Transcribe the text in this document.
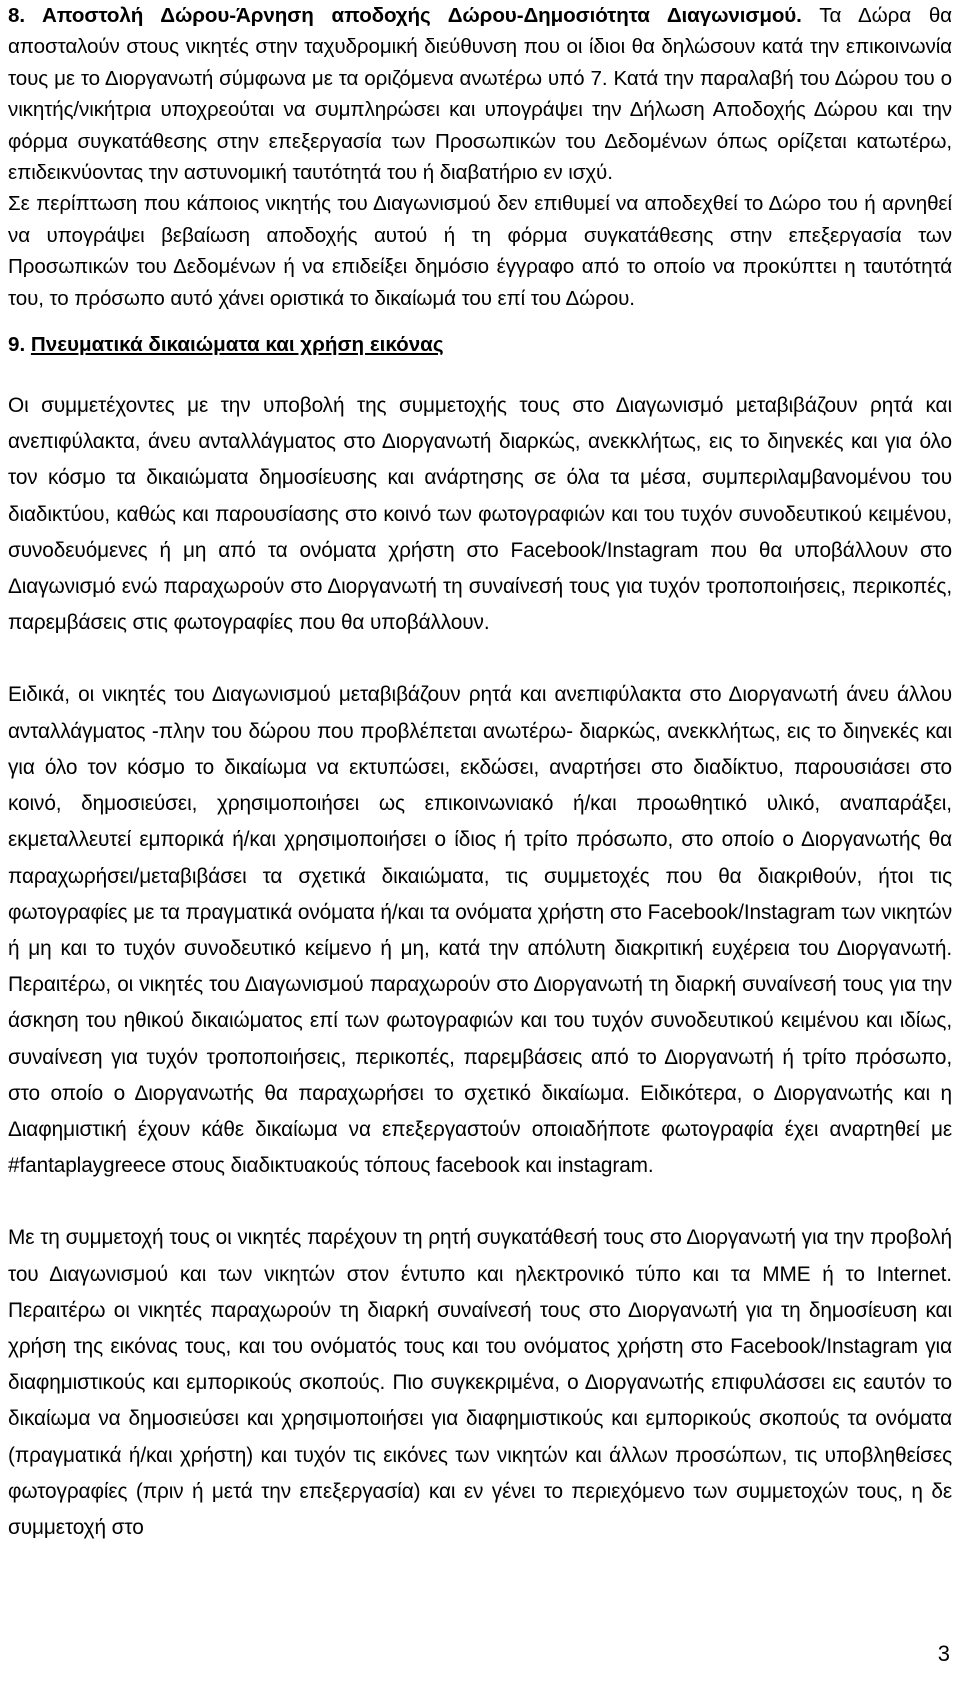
8. Αποστολή Δώρου-Άρνηση αποδοχής Δώρου-Δημοσιότητα Διαγωνισμού. Τα Δώρα θα αποσταλούν στους νικητές στην ταχυδρομική διεύθυνση που οι ίδιοι θα δηλώσουν κατά την επικοινωνία τους με το Διοργανωτή σύμφωνα με τα οριζόμενα ανωτέρω υπό 7. Κατά την παραλαβή του Δώρου του ο νικητής/νικήτρια υποχρεούται να συμπληρώσει και υπογράψει την Δήλωση Αποδοχής Δώρου και την φόρμα συγκατάθεσης στην επεξεργασία των Προσωπικών του Δεδομένων όπως ορίζεται κατωτέρω, επιδεικνύοντας την αστυνομική ταυτότητά του ή διαβατήριο εν ισχύ.

Σε περίπτωση που κάποιος νικητής του Διαγωνισμού δεν επιθυμεί να αποδεχθεί το Δώρο του ή αρνηθεί να υπογράψει βεβαίωση αποδοχής αυτού ή τη φόρμα συγκατάθεσης στην επεξεργασία των Προσωπικών του Δεδομένων ή να επιδείξει δημόσιο έγγραφο από το οποίο να προκύπτει η ταυτότητά του, το πρόσωπο αυτό χάνει οριστικά το δικαίωμά του επί του Δώρου.

9. Πνευματικά δικαιώματα και χρήση εικόνας

Οι συμμετέχοντες με την υποβολή της συμμετοχής τους στο Διαγωνισμό μεταβιβάζουν ρητά και ανεπιφύλακτα, άνευ ανταλλάγματος στο Διοργανωτή διαρκώς, ανεκκλήτως, εις το διηνεκές και για όλο τον κόσμο τα δικαιώματα δημοσίευσης και ανάρτησης σε όλα τα μέσα, συμπεριλαμβανομένου του διαδικτύου, καθώς και παρουσίασης στο κοινό των φωτογραφιών και του τυχόν συνοδευτικού κειμένου, συνοδευόμενες ή μη από τα ονόματα χρήστη στο Facebook/Instagram που θα υποβάλλουν στο Διαγωνισμό ενώ παραχωρούν στο Διοργανωτή τη συναίνεσή τους για τυχόν τροποποιήσεις, περικοπές, παρεμβάσεις στις φωτογραφίες που θα υποβάλλουν.

Ειδικά, οι νικητές του Διαγωνισμού μεταβιβάζουν ρητά και ανεπιφύλακτα στο Διοργανωτή άνευ άλλου ανταλλάγματος -πλην του δώρου που προβλέπεται ανωτέρω- διαρκώς, ανεκκλήτως, εις το διηνεκές και για όλο τον κόσμο το δικαίωμα να εκτυπώσει, εκδώσει, αναρτήσει στο διαδίκτυο, παρουσιάσει στο κοινό, δημοσιεύσει, χρησιμοποιήσει ως επικοινωνιακό ή/και προωθητικό υλικό, αναπαράξει, εκμεταλλευτεί εμπορικά ή/και χρησιμοποιήσει ο ίδιος ή τρίτο πρόσωπο, στο οποίο ο Διοργανωτής θα παραχωρήσει/μεταβιβάσει τα σχετικά δικαιώματα, τις συμμετοχές που θα διακριθούν, ήτοι τις φωτογραφίες με τα πραγματικά ονόματα ή/και τα ονόματα χρήστη στο Facebook/Instagram των νικητών ή μη και το τυχόν συνοδευτικό κείμενο ή μη, κατά την απόλυτη διακριτική ευχέρεια του Διοργανωτή. Περαιτέρω, οι νικητές του Διαγωνισμού παραχωρούν στο Διοργανωτή τη διαρκή συναίνεσή τους για την άσκηση του ηθικού δικαιώματος επί των φωτογραφιών και του τυχόν συνοδευτικού κειμένου και ιδίως, συναίνεση για τυχόν τροποποιήσεις, περικοπές, παρεμβάσεις από το Διοργανωτή ή τρίτο πρόσωπο, στο οποίο ο Διοργανωτής θα παραχωρήσει το σχετικό δικαίωμα. Ειδικότερα, ο Διοργανωτής και η Διαφημιστική έχουν κάθε δικαίωμα να επεξεργαστούν οποιαδήποτε φωτογραφία έχει αναρτηθεί με #fantaplaygreece στους διαδικτυακούς τόπους facebook και instagram.

Με τη συμμετοχή τους οι νικητές παρέχουν τη ρητή συγκατάθεσή τους στο Διοργανωτή για την προβολή του Διαγωνισμού και των νικητών στον έντυπο και ηλεκτρονικό τύπο και τα ΜΜΕ ή το Internet. Περαιτέρω οι νικητές παραχωρούν τη διαρκή συναίνεσή τους στο Διοργανωτή για τη δημοσίευση και χρήση της εικόνας τους, και του ονόματός τους και του ονόματος χρήστη στο Facebook/Instagram για διαφημιστικούς και εμπορικούς σκοπούς. Πιο συγκεκριμένα, ο Διοργανωτής επιφυλάσσει εις εαυτόν το δικαίωμα να δημοσιεύσει και χρησιμοποιήσει για διαφημιστικούς και εμπορικούς σκοπούς τα ονόματα (πραγματικά ή/και χρήστη) και τυχόν τις εικόνες των νικητών και άλλων προσώπων, τις υποβληθείσες φωτογραφίες (πριν ή μετά την επεξεργασία) και εν γένει το περιεχόμενο των συμμετοχών τους, η δε συμμετοχή στο

3
